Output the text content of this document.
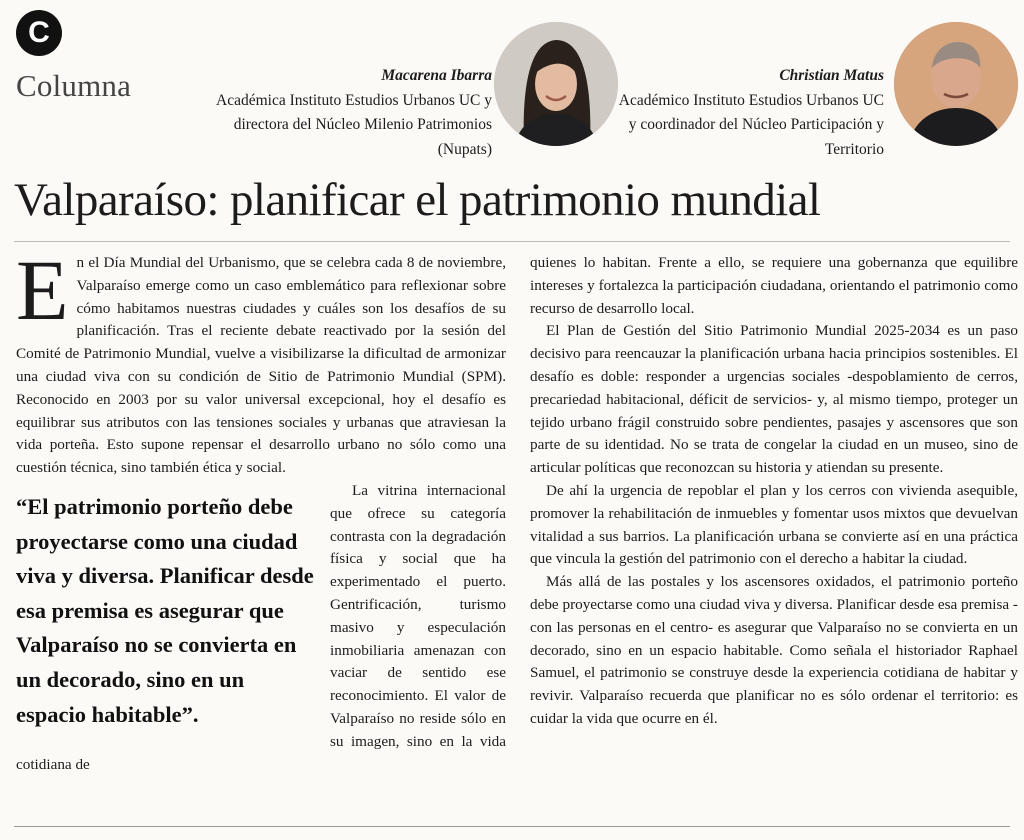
C
Columna	Macarena Ibarra
Académica Instituto Estudios Urbanos UC y directora del Núcleo Milenio Patrimonios (Nupats)
Christian Matus
Académico Instituto Estudios Urbanos UC y coordinador del Núcleo Participación y Territorio
Valparaíso: planificar el patrimonio mundial

E n el Día Mundial del Urbanismo, que se celebra cada 8 de noviembre, Valparaíso emerge como un caso emblemático para reflexionar sobre cómo habitamos nuestras ciudades y cuáles son los desafíos de su planificación. Tras el reciente debate reactivado por la sesión del Comité de Patrimonio Mundial, vuelve a visibilizarse la dificultad de armonizar una ciudad viva con su condición de Sitio de Patrimonio Mundial (SPM). Reconocido en 2003 por su valor universal excepcional, hoy el desafío es equilibrar sus atributos con las tensiones sociales y urbanas que atraviesan la vida porteña. Esto supone repensar el desarrollo urbano no sólo como una cuestión técnica, sino también ética y social.

“El patrimonio porteño debe proyectarse como una ciudad viva y diversa. Planificar desde esa premisa es asegurar que Valparaíso no se convierta en un decorado, sino en un espacio habitable”.

La vitrina internacional que ofrece su categoría contrasta con la degradación física y social que ha experimentado el puerto. Gentrificación, turismo masivo y especulación inmobiliaria amenazan con vaciar de sentido ese reconocimiento. El valor de Valparaíso no reside sólo en su imagen, sino en la vida cotidiana de

quienes lo habitan. Frente a ello, se requiere una gobernanza que equilibre intereses y fortalezca la participación ciudadana, orientando el patrimonio como recurso de desarrollo local.

El Plan de Gestión del Sitio Patrimonio Mundial 2025-2034 es un paso decisivo para reencauzar la planificación urbana hacia principios sostenibles. El desafío es doble: responder a urgencias sociales -despoblamiento de cerros, precariedad habitacional, déficit de servicios- y, al mismo tiempo, proteger un tejido urbano frágil construido sobre pendientes, pasajes y ascensores que son parte de su identidad. No se trata de congelar la ciudad en un museo, sino de articular políticas que reconozcan su historia y atiendan su presente.

De ahí la urgencia de repoblar el plan y los cerros con vivienda asequible, promover la rehabilitación de inmuebles y fomentar usos mixtos que devuelvan vitalidad a sus barrios. La planificación urbana se convierte así en una práctica que vincula la gestión del patrimonio con el derecho a habitar la ciudad.

Más allá de las postales y los ascensores oxidados, el patrimonio porteño debe proyectarse como una ciudad viva y diversa. Planificar desde esa premisa -con las personas en el centro- es asegurar que Valparaíso no se convierta en un decorado, sino en un espacio habitable. Como señala el historiador Raphael Samuel, el patrimonio se construye desde la experiencia cotidiana de habitar y revivir. Valparaíso recuerda que planificar no es sólo ordenar el territorio: es cuidar la vida que ocurre en él.
